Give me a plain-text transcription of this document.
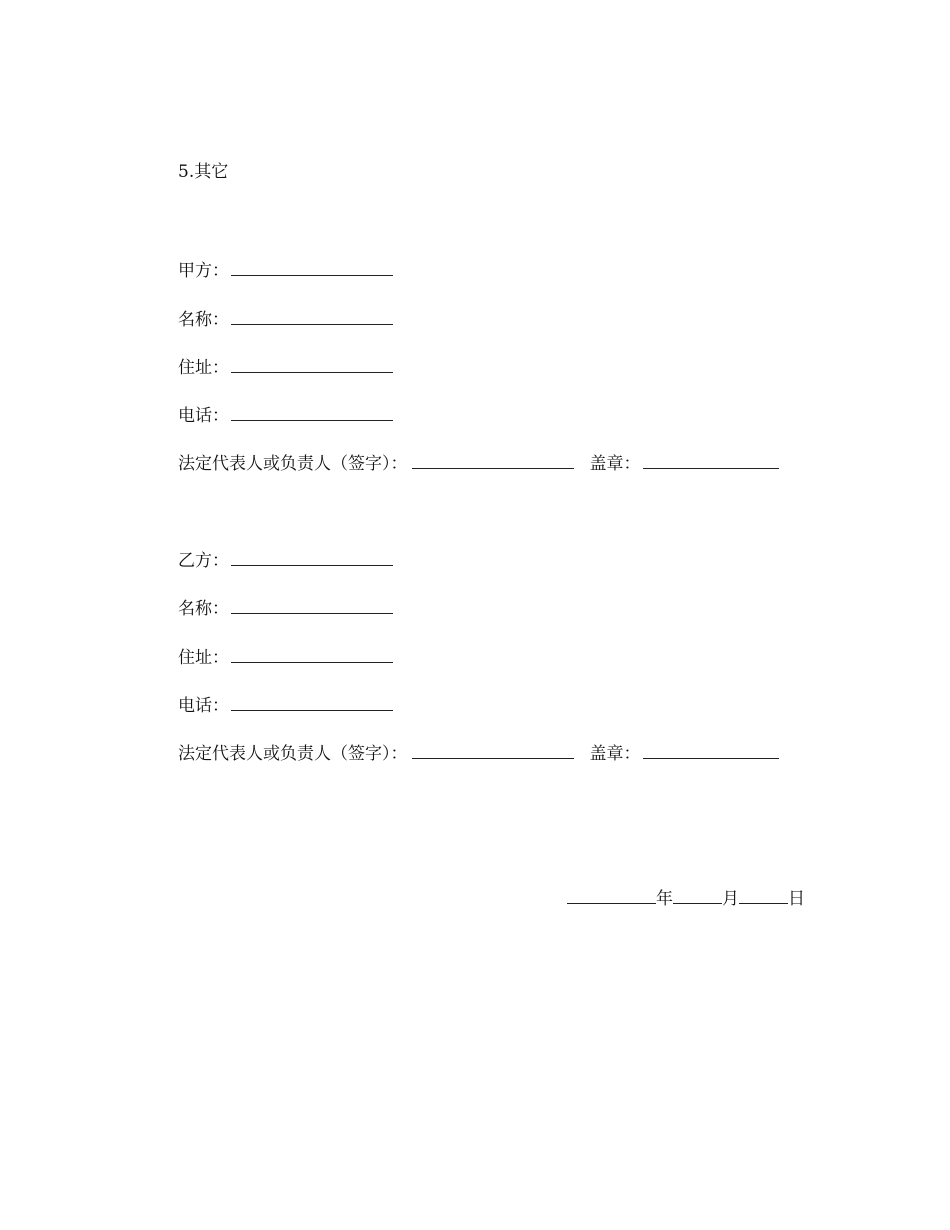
5.其它
甲方：
名称：
住址：
电话：
法定代表人或负责人（签字）：	盖章：
乙方：
名称：
住址：
电话：
法定代表人或负责人（签字）：	盖章：
年	月	日
